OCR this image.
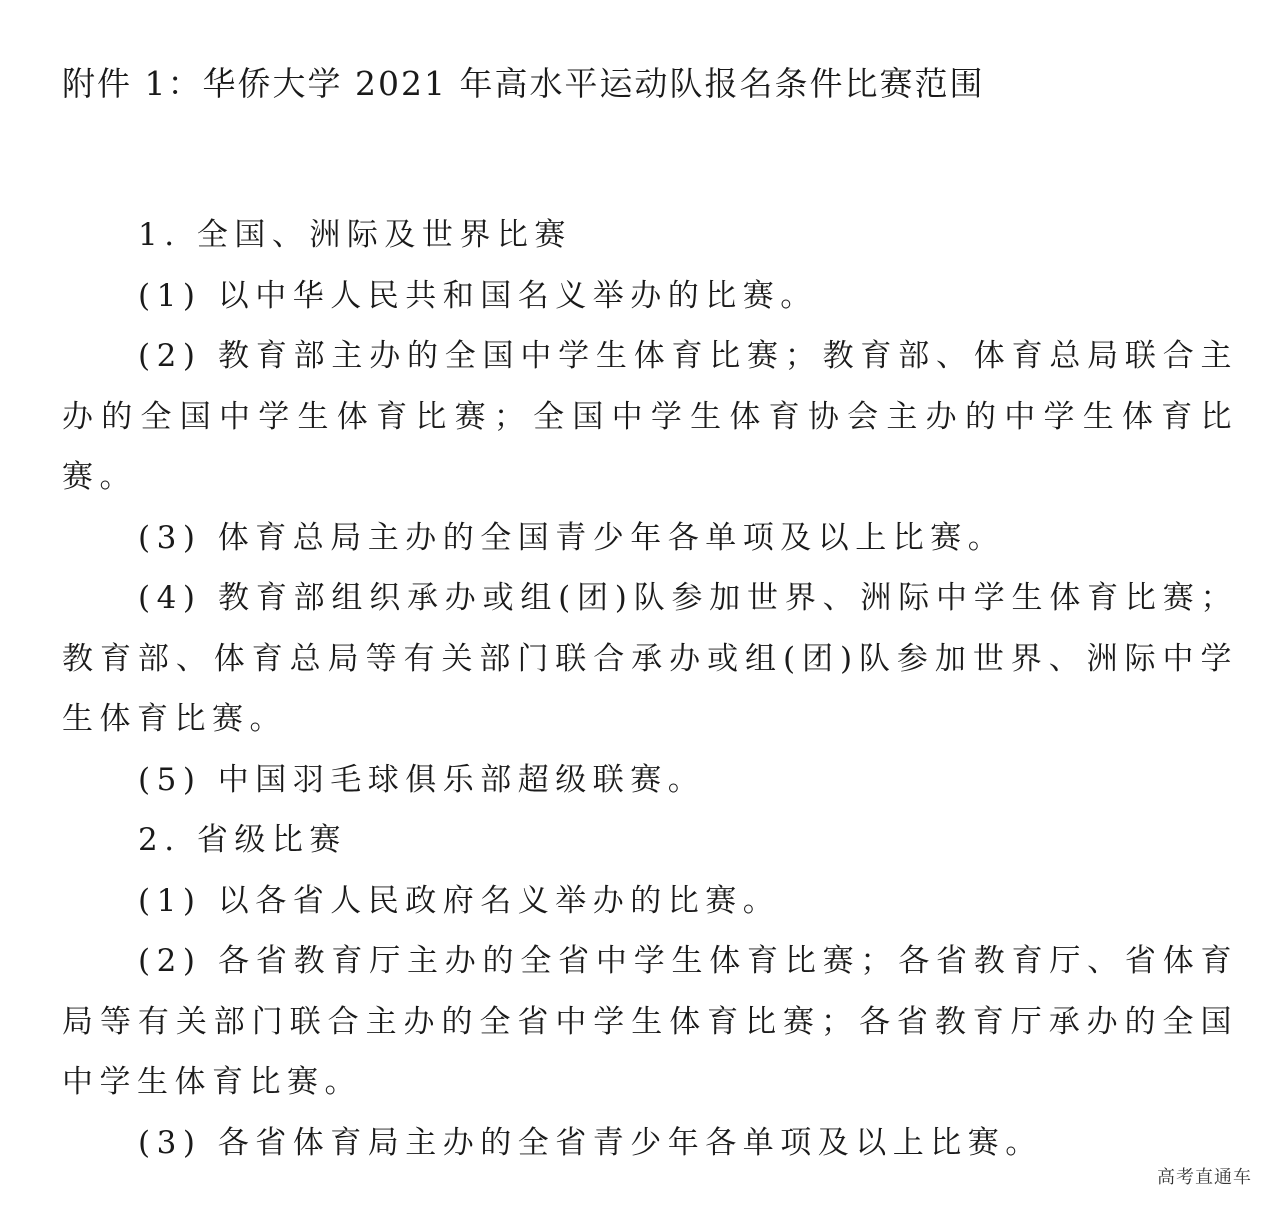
附件 1：华侨大学 2021 年高水平运动队报名条件比赛范围

1. 全国、洲际及世界比赛

(1) 以中华人民共和国名义举办的比赛。

(2) 教育部主办的全国中学生体育比赛；教育部、体育总局联合主办的全国中学生体育比赛；全国中学生体育协会主办的中学生体育比赛。

(3) 体育总局主办的全国青少年各单项及以上比赛。

(4) 教育部组织承办或组(团)队参加世界、洲际中学生体育比赛；教育部、体育总局等有关部门联合承办或组(团)队参加世界、洲际中学生体育比赛。

(5) 中国羽毛球俱乐部超级联赛。

2. 省级比赛

(1) 以各省人民政府名义举办的比赛。

(2) 各省教育厅主办的全省中学生体育比赛；各省教育厅、省体育局等有关部门联合主办的全省中学生体育比赛；各省教育厅承办的全国中学生体育比赛。

(3) 各省体育局主办的全省青少年各单项及以上比赛。

高考直通车
